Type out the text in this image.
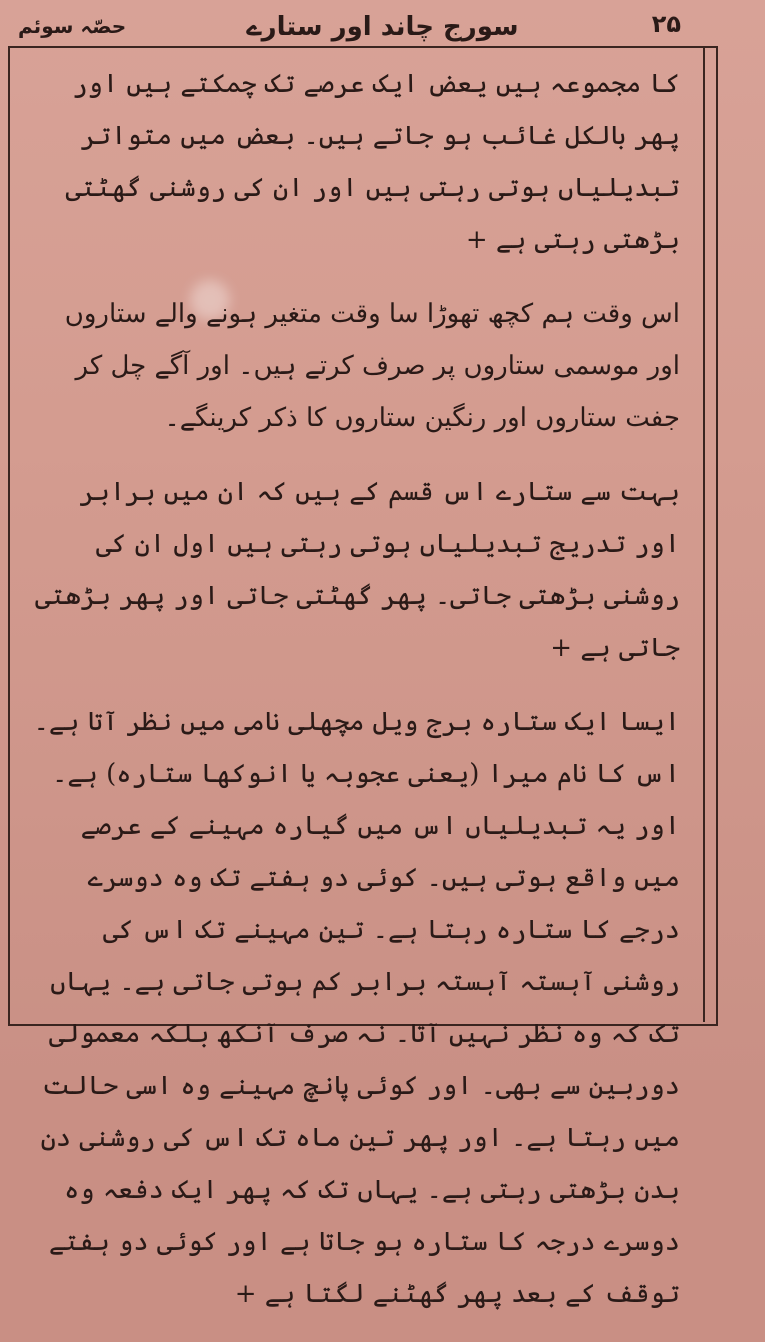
۲۵
سورج چاند اور ستارے
حصّہ سوئم

کا مجموعہ ہیں یعض ایک عرصے تک چمکتے ہیں اور پھر بالکل غائب ہو جاتے ہیں۔ بعض میں متواتر تبدیلیاں ہوتی رہتی ہیں اور ان کی روشنی گھٹتی بڑھتی رہتی ہے +

اس وقت ہم کچھ تھوڑا سا وقت متغیر ہونے والے ستاروں اور موسمی ستاروں پر صرف کرتے ہیں۔ اور آگے چل کر جفت ستاروں اور رنگین ستاروں کا ذکر کرینگے۔

بہت سے ستارے اس قسم کے ہیں کہ ان میں برابر اور تدریج تبدیلیاں ہوتی رہتی ہیں اول ان کی روشنی بڑھتی جاتی۔ پھر گھٹتی جاتی اور پھر بڑھتی جاتی ہے +

ایسا ایک ستارہ برج ویل مچھلی نامی میں نظر آتا ہے۔ اس کا نام میرا (یعنی عجوبہ یا انوکھا ستارہ) ہے۔ اور یہ تبدیلیاں اس میں گیارہ مہینے کے عرصے میں واقع ہوتی ہیں۔ کوئی دو ہفتے تک وہ دوسرے درجے کا ستارہ رہتا ہے۔ تین مہینے تک اس کی روشنی آہستہ آہستہ برابر کم ہوتی جاتی ہے۔ یہاں تک کہ وہ نظر نہیں آتا۔ نہ صرف آنکھ بلکہ معمولی دوربین سے بھی۔ اور کوئی پانچ مہینے وہ اسی حالت میں رہتا ہے۔ اور پھر تین ماہ تک اس کی روشنی دن بدن بڑھتی رہتی ہے۔ یہاں تک کہ پھر ایک دفعہ وہ دوسرے درجہ کا ستارہ ہو جاتا ہے اور کوئی دو ہفتے توقف کے بعد پھر گھٹنے لگتا ہے +
